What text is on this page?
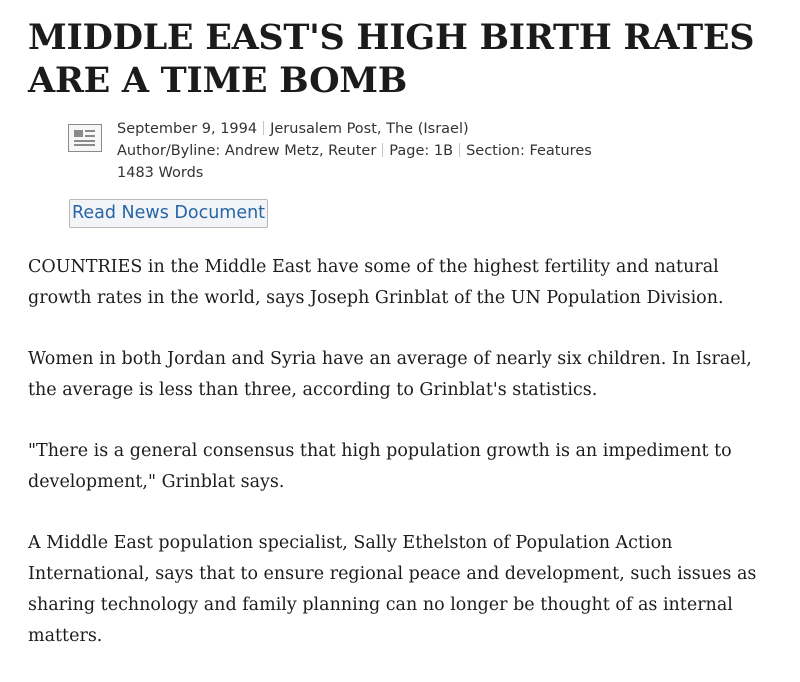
MIDDLE EAST'S HIGH BIRTH RATES ARE A TIME BOMB
September 9, 1994 Jerusalem Post, The (Israel)
Author/Byline: Andrew Metz, Reuter Page: 1B Section: Features
1483 Words
Read News Document

COUNTRIES in the Middle East have some of the highest fertility and natural growth rates in the world, says Joseph Grinblat of the UN Population Division.

Women in both Jordan and Syria have an average of nearly six children. In Israel, the average is less than three, according to Grinblat's statistics.

"There is a general consensus that high population growth is an impediment to development," Grinblat says.

A Middle East population specialist, Sally Ethelston of Population Action International, says that to ensure regional peace and development, such issues as sharing technology and family planning can no longer be thought of as internal matters.
